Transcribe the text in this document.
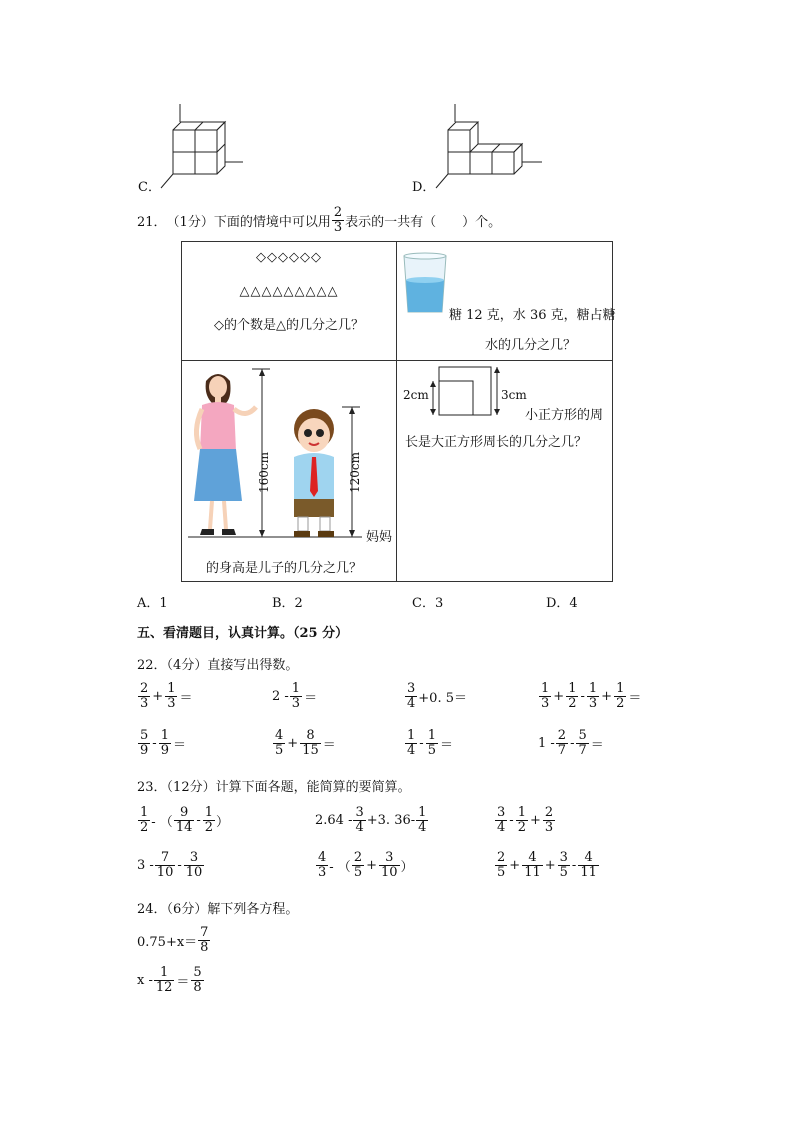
C．	D．
21． （1分） 下面的情境中可以用 $\frac{2}{3}$ 表示的一共有（　　）个。
◇◇◇◇◇◇
△△△△△△△△△
◇的个数是△的几分之几？
糖 12 克，水 36 克，糖占糖
水的几分之几？
160cm	120cm
妈妈
的身高是儿子的几分之几？
2cm	3cm
小正方形的周
长是大正方形周长的几分之几？
A．1	B．2	C．3	D．4
五、看清题目，认真计算。（25 分）
22．（4分）直接写出得数。
$\frac{2}{3} + \frac{1}{3}$ ＝	$2 - \frac{1}{3}$ ＝	$\frac{3}{4} +0$. 5＝	$\frac{1}{3} + \frac{1}{2} - \frac{1}{3} + \frac{1}{2}$ ＝
$\frac{5}{9} - \frac{1}{9}$ ＝	$\frac{4}{5} + \frac{8}{15}$ ＝	$\frac{1}{4} - \frac{1}{5}$ ＝	$1 - \frac{2}{7} - \frac{5}{7}$ ＝
23．（12分）计算下面各题，能简算的要简算。
$\frac{1}{2}$ - （ $\frac{9}{14} - \frac{1}{2}$ ）	$2.64 - \frac{3}{4} +3$. $36- \frac{1}{4}$	$\frac{3}{4} - \frac{1}{2} + \frac{2}{3}$
$3 - \frac{7}{10} - \frac{3}{10}$	$\frac{4}{3}$ - （ $\frac{2}{5} + \frac{3}{10}$ ）	$\frac{2}{5} + \frac{4}{11} + \frac{3}{5} - \frac{4}{11}$
24．（6分）解下列各方程。
$0.75+x= \frac{7}{8}$
$x - \frac{1}{12} = \frac{5}{8}$
